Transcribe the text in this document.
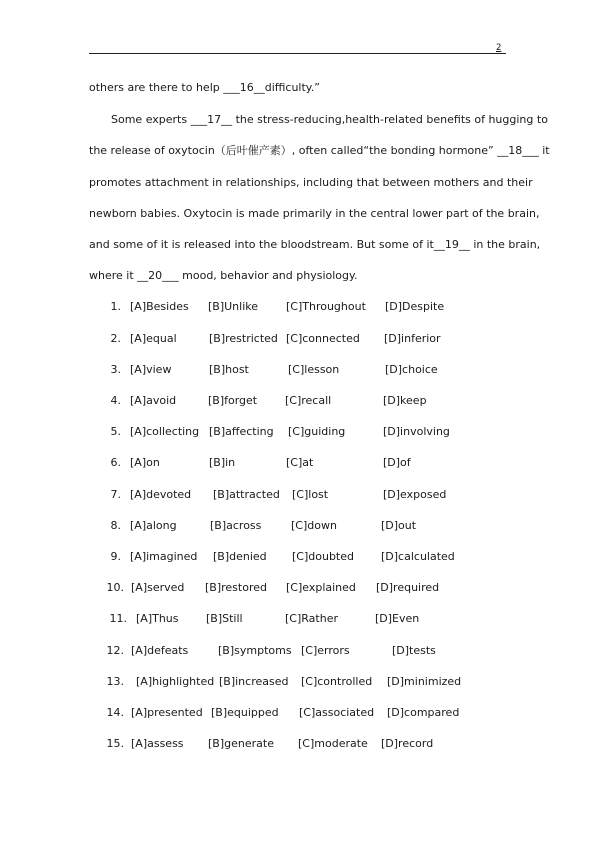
2
others are there to help ___16__difficulty.”
Some experts ___17__ the stress-reducing,health-related benefits of hugging to
the release of oxytocin（后叶催产素）, often called“the bonding hormone” __18___ it
promotes attachment in relationships, including that between mothers and their
newborn babies. Oxytocin is made primarily in the central lower part of the brain,
and some of it is released into the bloodstream. But some of it__19__ in the brain,
where it __20___ mood, behavior and physiology.
1. [A]Besides [B]Unlike	[C]Throughout [D]Despite
2. [A]equal	[B]restricted [C]connected [D]inferior
3. [A]view	[B]host	[C]lesson	[D]choice
4. [A]avoid	[B]forget	[C]recall	[D]keep
5. [A]collecting [B]affecting [C]guiding	[D]involving
6. [A]on	[B]in	[C]at	[D]of
7. [A]devoted [B]attracted [C]lost	[D]exposed
8. [A]along	[B]across	[C]down	[D]out
9. [A]imagined [B]denied [C]doubted [D]calculated
10. [A]served [B]restored [C]explained [D]required
11. [A]Thus [B]Still	[C]Rather	[D]Even
12. [A]defeats	[B]symptoms [C]errors	[D]tests
13. [A]highlighted [B]increased [C]controlled [D]minimized
14. [A]presented [B]equipped [C]associated [D]compared
15. [A]assess [B]generate [C]moderate [D]record
